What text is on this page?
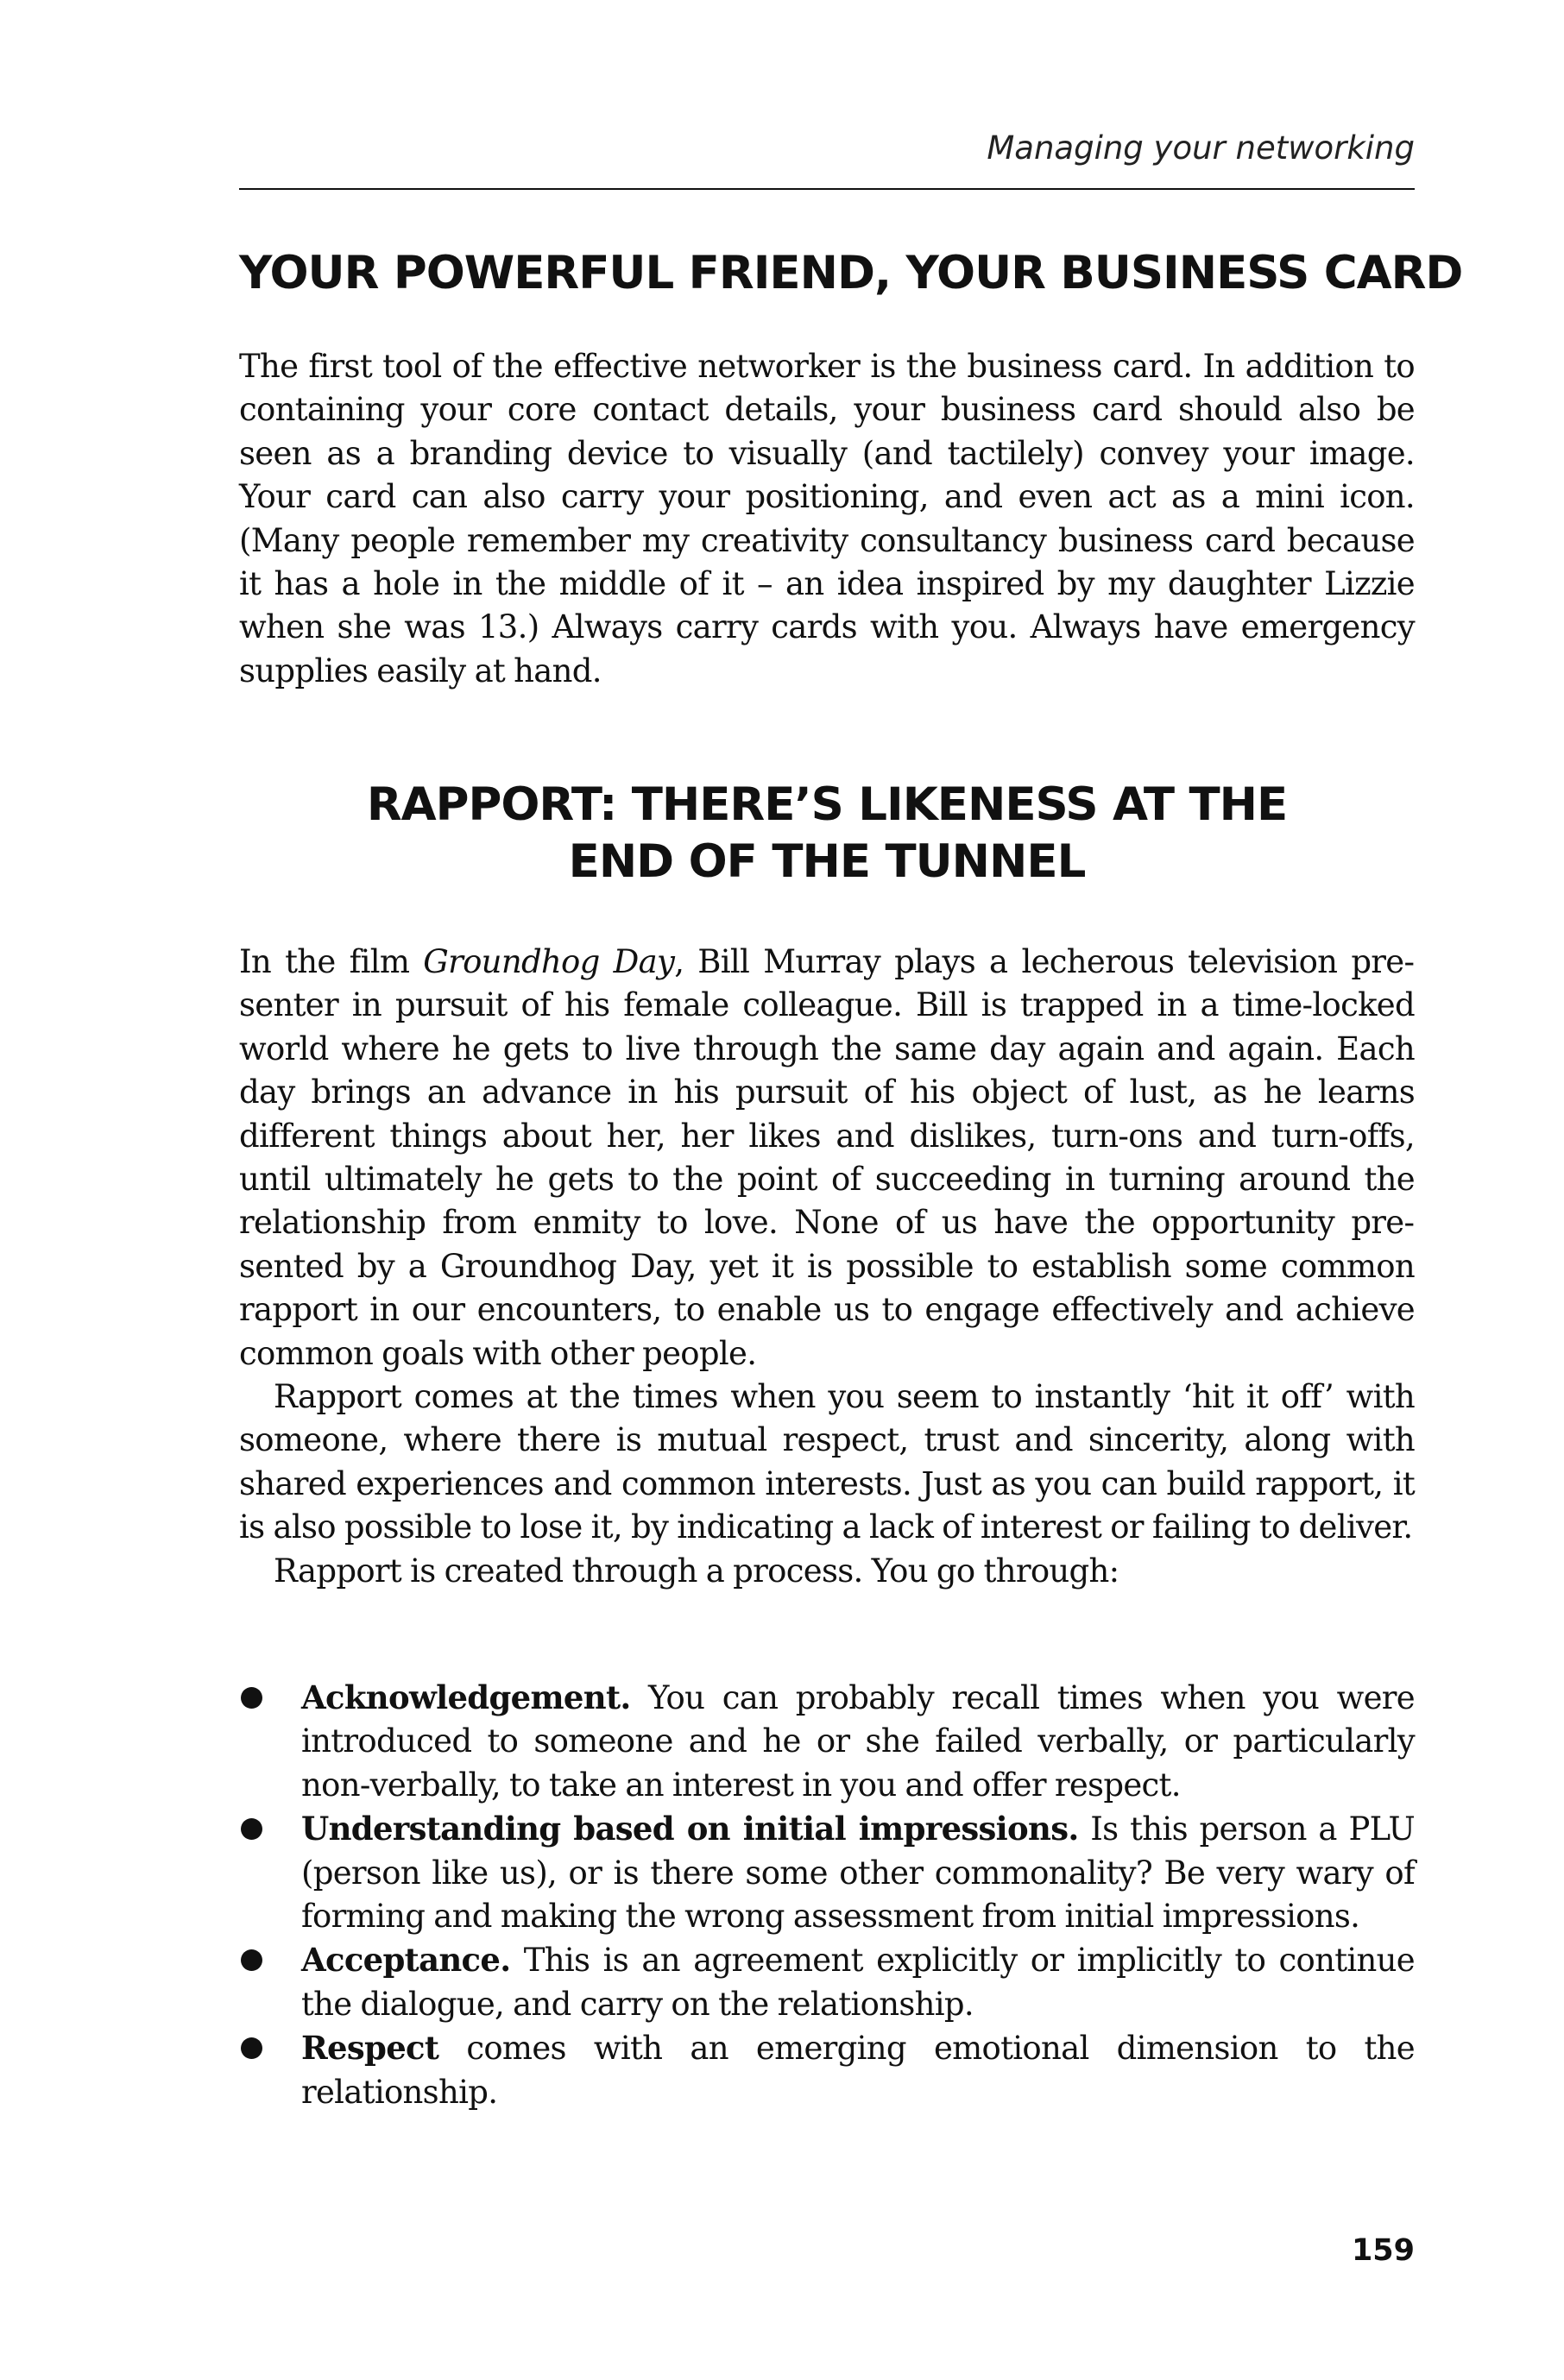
Managing your networking
YOUR POWERFUL FRIEND, YOUR BUSINESS CARD

The first tool of the effective networker is the business card. In addition to containing your core contact details, your business card should also be seen as a branding device to visually (and tactilely) convey your image. Your card can also carry your positioning, and even act as a mini icon. (Many people remember my creativity consultancy business card because it has a hole in the middle of it – an idea inspired by my daughter Lizzie when she was 13.) Always carry cards with you. Always have emergency supplies easily at hand.

RAPPORT: THERE’S LIKENESS AT THE
END OF THE TUNNEL

In the film Groundhog Day, Bill Murray plays a lecherous television presenter in pursuit of his female colleague. Bill is trapped in a time-locked world where he gets to live through the same day again and again. Each day brings an advance in his pursuit of his object of lust, as he learns different things about her, her likes and dislikes, turn-ons and turn-offs, until ultimately he gets to the point of succeeding in turning around the relationship from enmity to love. None of us have the opportunity presented by a Groundhog Day, yet it is possible to establish some common rapport in our encounters, to enable us to engage effectively and achieve common goals with other people.

Rapport comes at the times when you seem to instantly ‘hit it off’ with someone, where there is mutual respect, trust and sincerity, along with shared experiences and common interests. Just as you can build rapport, it is also possible to lose it, by indicating a lack of interest or failing to deliver.

Rapport is created through a process. You go through:

Acknowledgement. You can probably recall times when you were introduced to someone and he or she failed verbally, or particularly non-verbally, to take an interest in you and offer respect.
Understanding based on initial impressions. Is this person a PLU (person like us), or is there some other commonality? Be very wary of forming and making the wrong assessment from initial impressions.
Acceptance. This is an agreement explicitly or implicitly to continue the dialogue, and carry on the relationship.
Respect comes with an emerging emotional dimension to the relationship.
159
